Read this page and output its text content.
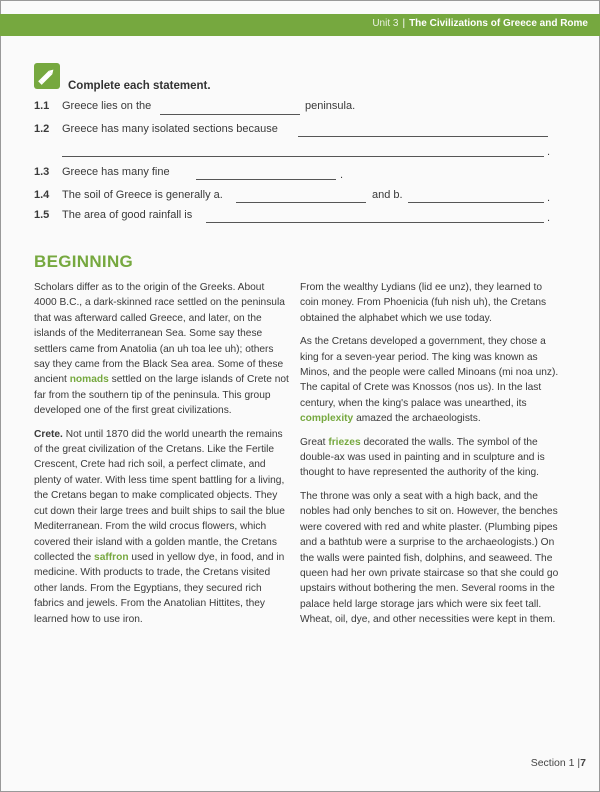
Unit 3 | The Civilizations of Greece and Rome
Complete each statement.
1.1 Greece lies on the	peninsula.
1.2 Greece has many isolated sections because
.
1.3 Greece has many fine	.
1.4 The soil of Greece is generally a.	and b.	.
1.5 The area of good rainfall is	.
BEGINNING

Scholars differ as to the origin of the Greeks. About 4000 B.C., a dark-skinned race settled on the peninsula that was afterward called Greece, and later, on the islands of the Mediterranean Sea. Some say these settlers came from Anatolia (an uh toa lee uh); others say they came from the Black Sea area. Some of these ancient nomads settled on the large islands of Crete not far from the southern tip of the peninsula. This group developed one of the first great civilizations.

Crete. Not until 1870 did the world unearth the remains of the great civilization of the Cretans. Like the Fertile Crescent, Crete had rich soil, a perfect climate, and plenty of water. With less time spent battling for a living, the Cretans began to make complicated objects. They cut down their large trees and built ships to sail the blue Mediterranean. From the wild crocus flowers, which covered their island with a golden mantle, the Cretans collected the saffron used in yellow dye, in food, and in medicine. With products to trade, the Cretans visited other lands. From the Egyptians, they secured rich fabrics and jewels. From the Anatolian Hittites, they learned how to use iron.

From the wealthy Lydians (lid ee unz), they learned to coin money. From Phoenicia (fuh nish uh), the Cretans obtained the alphabet which we use today.

As the Cretans developed a government, they chose a king for a seven-year period. The king was known as Minos, and the people were called Minoans (mi noa unz). The capital of Crete was Knossos (nos us). In the last century, when the king's palace was unearthed, its complexity amazed the archaeologists.

Great friezes decorated the walls. The symbol of the double-ax was used in painting and in sculpture and is thought to have represented the authority of the king.

The throne was only a seat with a high back, and the nobles had only benches to sit on. However, the benches were covered with red and white plaster. (Plumbing pipes and a bathtub were a surprise to the archaeologists.) On the walls were painted fish, dolphins, and seaweed. The queen had her own private staircase so that she could go upstairs without bothering the men. Several rooms in the palace held large storage jars which were six feet tall. Wheat, oil, dye, and other necessities were kept in them.

Section 1 |7
